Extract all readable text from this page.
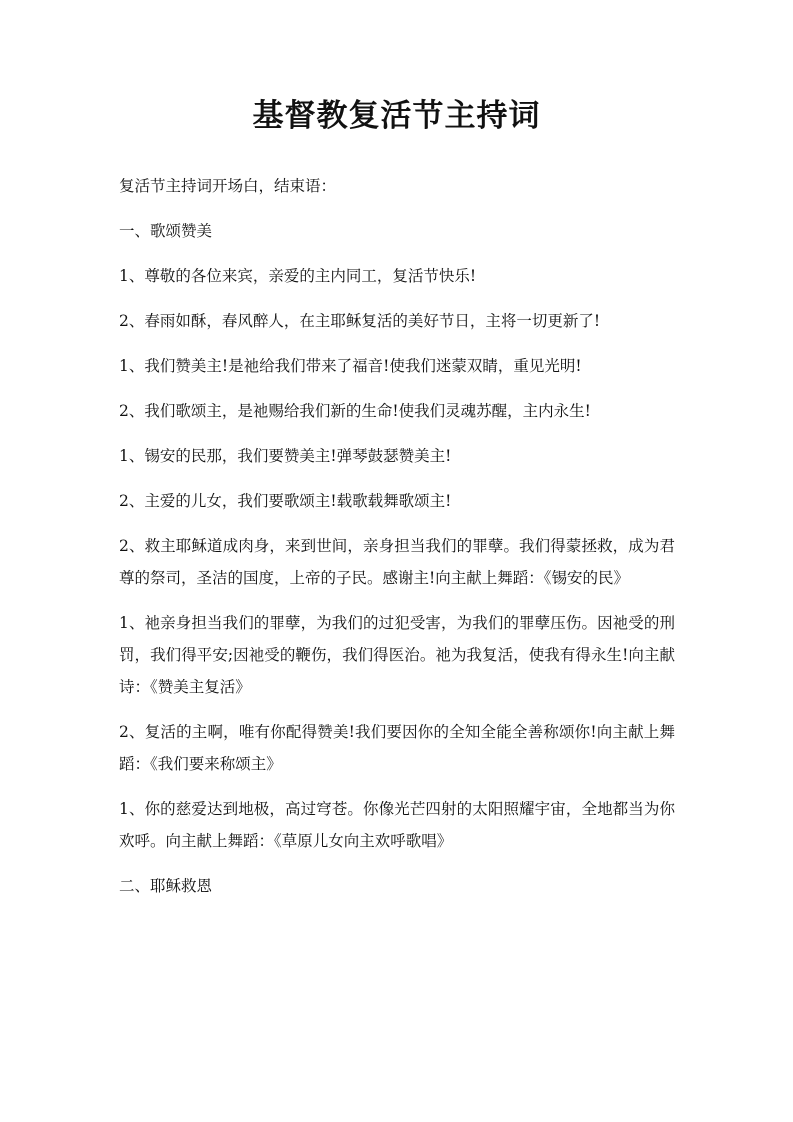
基督教复活节主持词

复活节主持词开场白，结束语：

一、歌颂赞美

1、尊敬的各位来宾，亲爱的主内同工，复活节快乐!

2、春雨如酥，春风醉人，在主耶稣复活的美好节日，主将一切更新了!

1、我们赞美主!是祂给我们带来了福音!使我们迷蒙双睛，重见光明!

2、我们歌颂主，是祂赐给我们新的生命!使我们灵魂苏醒，主内永生!

1、锡安的民那，我们要赞美主!弹琴鼓瑟赞美主!

2、主爱的儿女，我们要歌颂主!载歌载舞歌颂主!

2、救主耶稣道成肉身，来到世间，亲身担当我们的罪孽。我们得蒙拯救，成为君尊的祭司，圣洁的国度，上帝的子民。感谢主!向主献上舞蹈：《锡安的民》

1、祂亲身担当我们的罪孽，为我们的过犯受害，为我们的罪孽压伤。因祂受的刑罚，我们得平安;因祂受的鞭伤，我们得医治。祂为我复活，使我有得永生!向主献诗：《赞美主复活》

2、复活的主啊，唯有你配得赞美!我们要因你的全知全能全善称颂你!向主献上舞蹈：《我们要来称颂主》

1、你的慈爱达到地极，高过穹苍。你像光芒四射的太阳照耀宇宙，全地都当为你欢呼。向主献上舞蹈：《草原儿女向主欢呼歌唱》

二、耶稣救恩
